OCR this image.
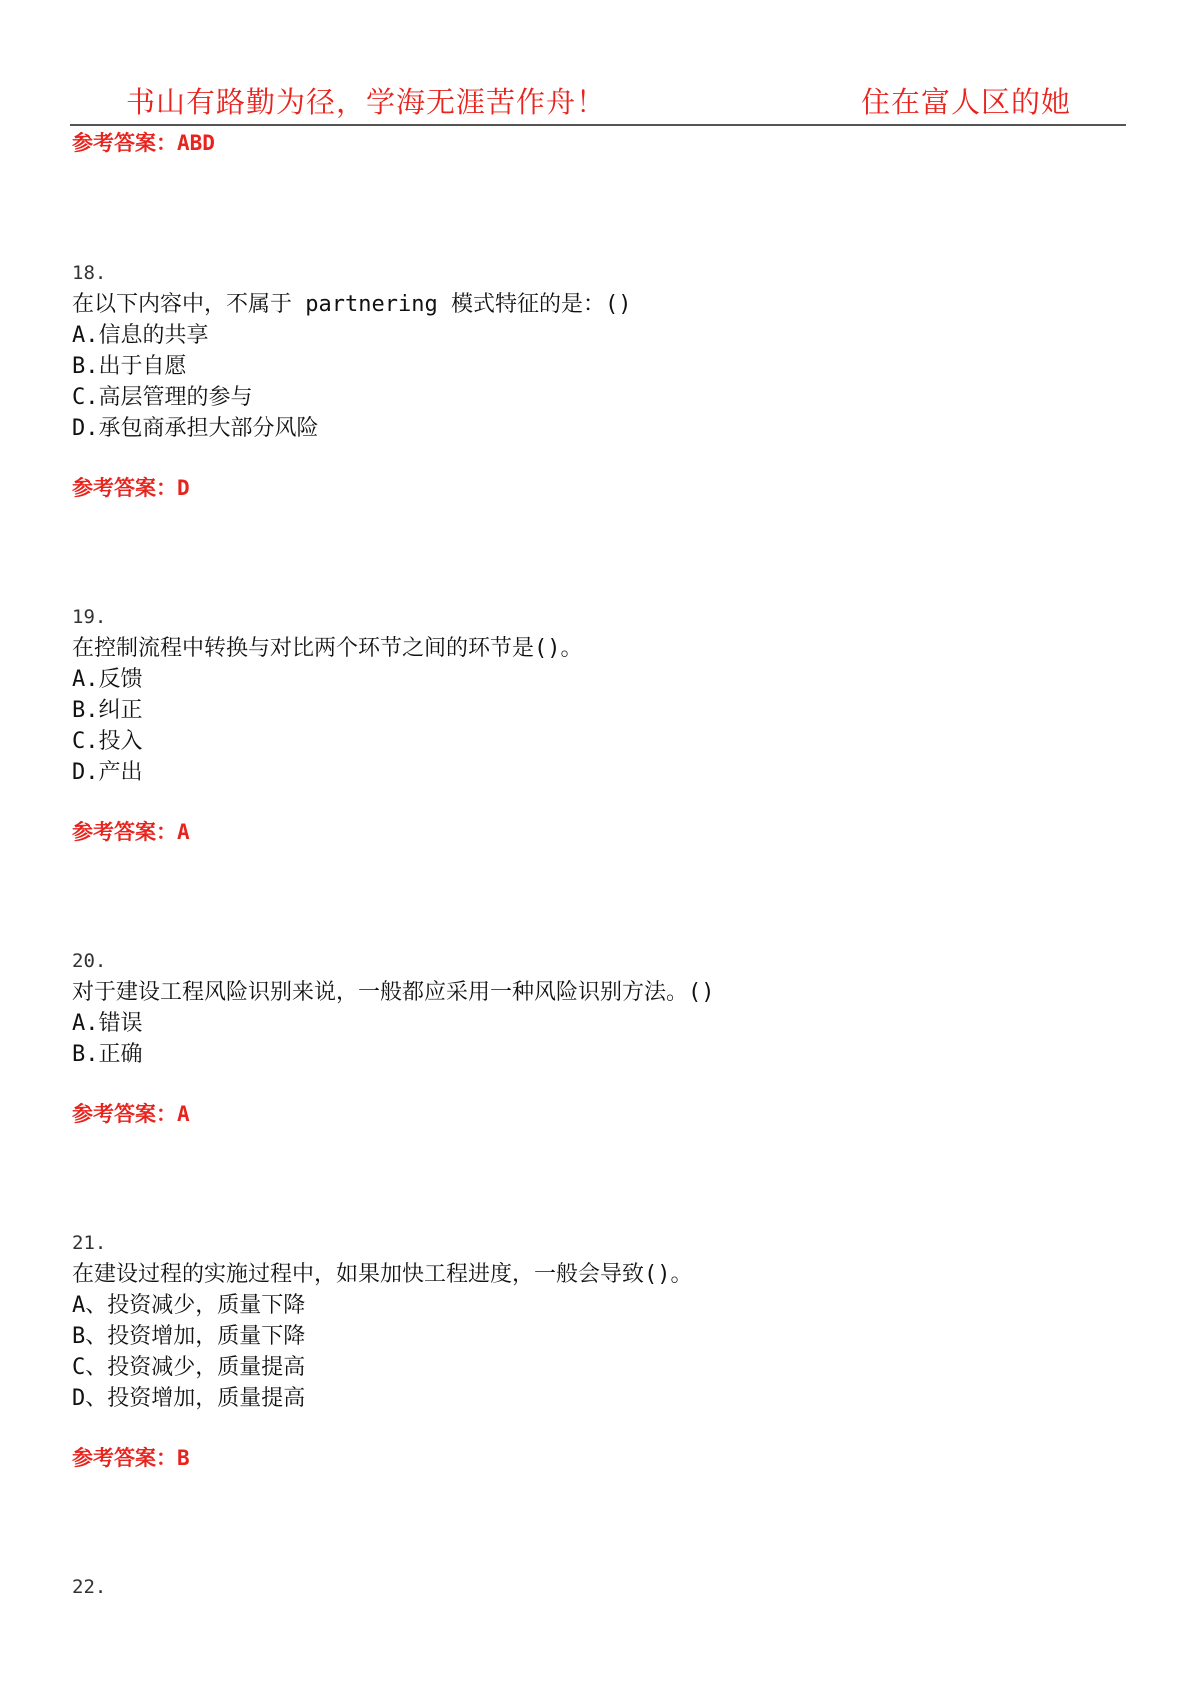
书山有路勤为径，学海无涯苦作舟！	住在富人区的她
参考答案：ABD
18.
在以下内容中，不属于 partnering 模式特征的是：()
A.信息的共享
B.出于自愿
C.高层管理的参与
D.承包商承担大部分风险
参考答案：D
19.
在控制流程中转换与对比两个环节之间的环节是()。
A.反馈
B.纠正
C.投入
D.产出
参考答案：A
20.
对于建设工程风险识别来说，一般都应采用一种风险识别方法。()
A.错误
B.正确
参考答案：A
21.
在建设过程的实施过程中，如果加快工程进度，一般会导致()。
A、投资减少，质量下降
B、投资增加，质量下降
C、投资减少，质量提高
D、投资增加，质量提高
参考答案：B
22.
